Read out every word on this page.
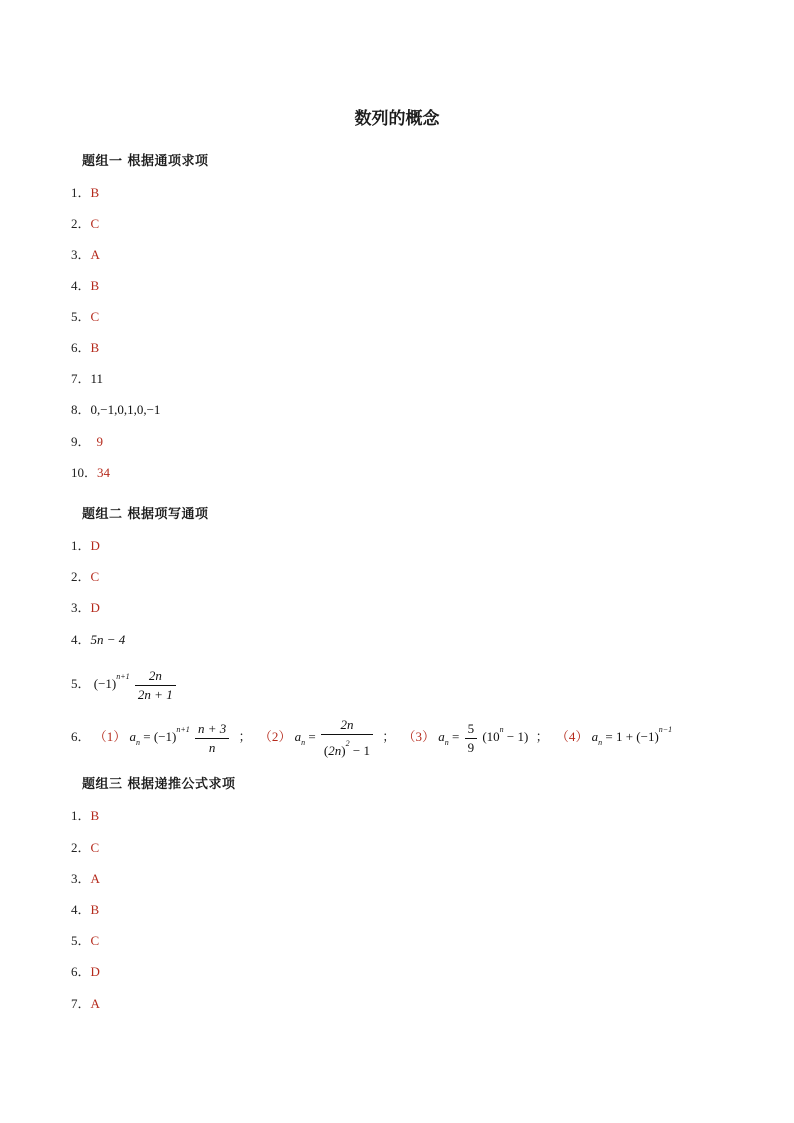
数列的概念
题组一 根据通项求项
1．B
2．C
3．A
4．B
5．C
6．B
7．11
8．0,−1,0,1,0,−1
9． 9
10．34
题组二 根据项写通项
1．D
2．C
3．D
4．5n − 4
5． $(-1)^{n+1} \frac{2n}{2n + 1}$
6． （1） $a_n = (-1)^{n+1} \frac{n + 3}{n}$ ； （2） $a_n = \frac{2n}{(2n)^2 - 1}$ ； （3） $a_n = \frac{5}{9} (10^n - 1)$ ； （4） $a_n = 1 + (-1)^{n-1}$
题组三 根据递推公式求项
1．B
2．C
3．A
4．B
5．C
6．D
7．A
